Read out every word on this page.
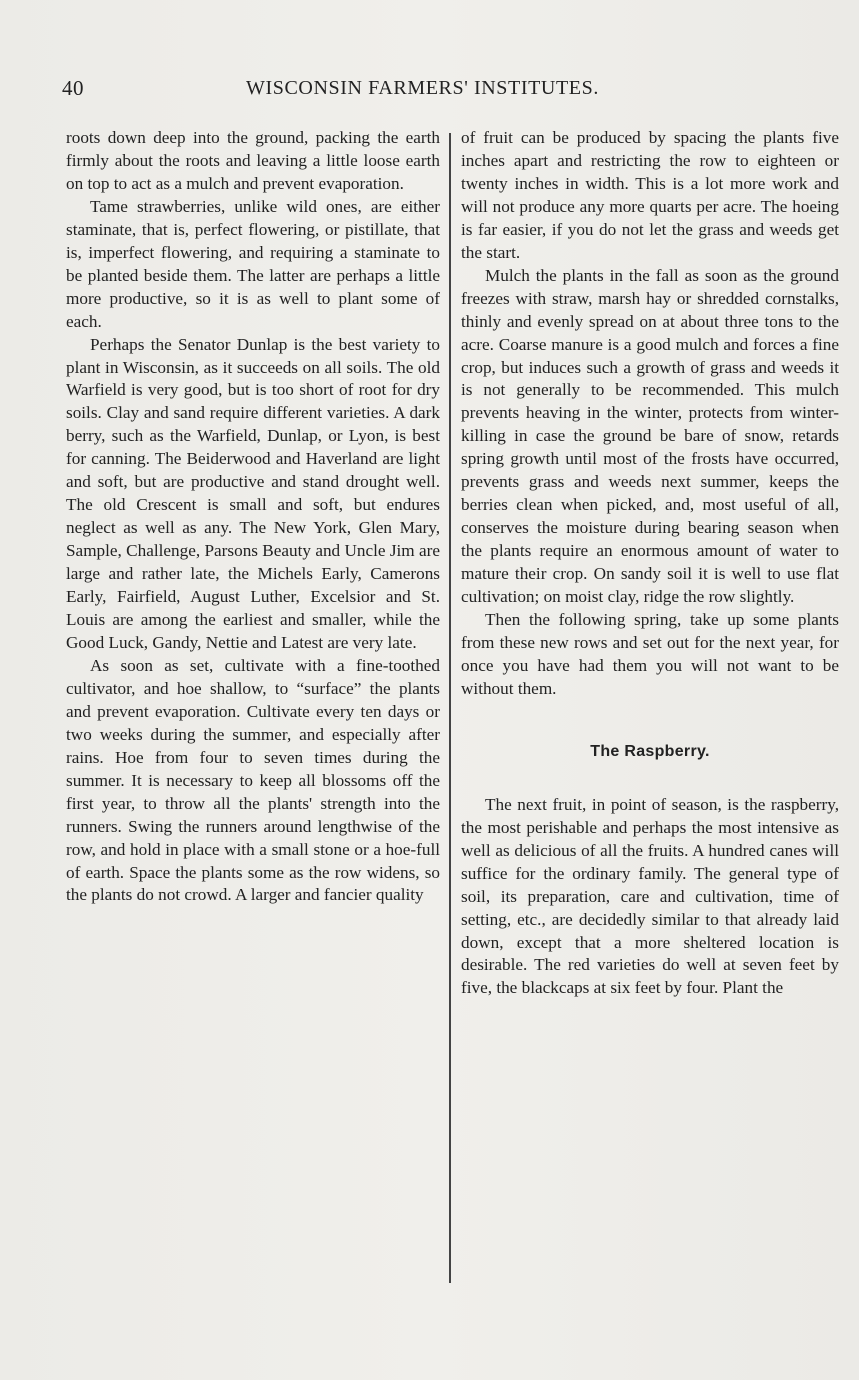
40	WISCONSIN FARMERS' INSTITUTES.

roots down deep into the ground, packing the earth firmly about the roots and leaving a little loose earth on top to act as a mulch and prevent evaporation.

Tame strawberries, unlike wild ones, are either staminate, that is, perfect flowering, or pistillate, that is, imperfect flowering, and requiring a staminate to be planted beside them. The latter are perhaps a little more productive, so it is as well to plant some of each.

Perhaps the Senator Dunlap is the best variety to plant in Wisconsin, as it succeeds on all soils. The old Warfield is very good, but is too short of root for dry soils. Clay and sand require different varieties. A dark berry, such as the Warfield, Dunlap, or Lyon, is best for canning. The Beiderwood and Haverland are light and soft, but are productive and stand drought well. The old Crescent is small and soft, but endures neglect as well as any. The New York, Glen Mary, Sample, Challenge, Parsons Beauty and Uncle Jim are large and rather late, the Michels Early, Camerons Early, Fairfield, August Luther, Excelsior and St. Louis are among the earliest and smaller, while the Good Luck, Gandy, Nettie and Latest are very late.

As soon as set, cultivate with a fine-toothed cultivator, and hoe shallow, to “surface” the plants and prevent evaporation. Cultivate every ten days or two weeks during the summer, and especially after rains. Hoe from four to seven times during the summer. It is necessary to keep all blossoms off the first year, to throw all the plants' strength into the runners. Swing the runners around lengthwise of the row, and hold in place with a small stone or a hoe-full of earth. Space the plants some as the row widens, so the plants do not crowd. A larger and fancier quality

of fruit can be produced by spacing the plants five inches apart and restricting the row to eighteen or twenty inches in width. This is a lot more work and will not produce any more quarts per acre. The hoeing is far easier, if you do not let the grass and weeds get the start.

Mulch the plants in the fall as soon as the ground freezes with straw, marsh hay or shredded cornstalks, thinly and evenly spread on at about three tons to the acre. Coarse manure is a good mulch and forces a fine crop, but induces such a growth of grass and weeds it is not generally to be recommended. This mulch prevents heaving in the winter, protects from winter-killing in case the ground be bare of snow, retards spring growth until most of the frosts have occurred, prevents grass and weeds next summer, keeps the berries clean when picked, and, most useful of all, conserves the moisture during bearing season when the plants require an enormous amount of water to mature their crop. On sandy soil it is well to use flat cultivation; on moist clay, ridge the row slightly.

Then the following spring, take up some plants from these new rows and set out for the next year, for once you have had them you will not want to be without them.

The Raspberry.

The next fruit, in point of season, is the raspberry, the most perishable and perhaps the most intensive as well as delicious of all the fruits. A hundred canes will suffice for the ordinary family. The general type of soil, its preparation, care and cultivation, time of setting, etc., are decidedly similar to that already laid down, except that a more sheltered location is desirable. The red varieties do well at seven feet by five, the blackcaps at six feet by four. Plant the
